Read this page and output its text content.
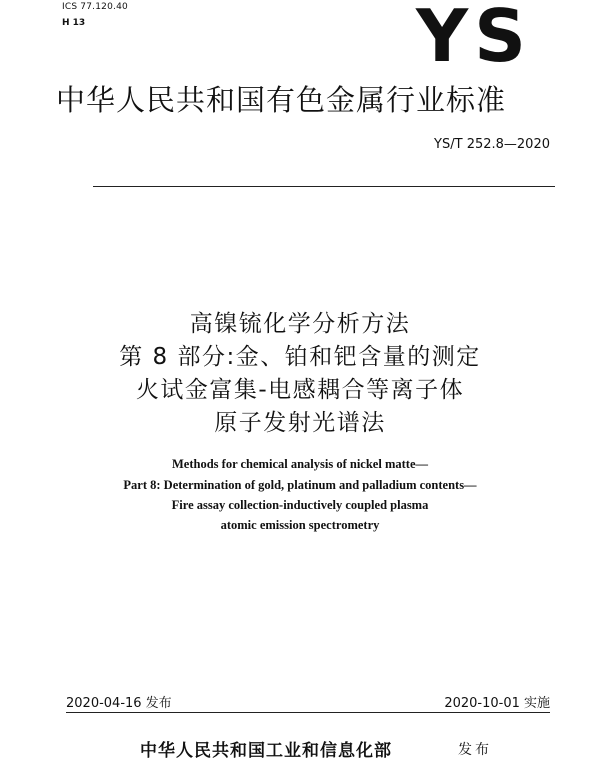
ICS 77.120.40
H 13	YS
中华人民共和国有色金属行业标准
YS/T 252.8—2020
高镍锍化学分析方法
第 8 部分:金、铂和钯含量的测定
火试金富集-电感耦合等离子体
原子发射光谱法
Methods for chemical analysis of nickel matte—
Part 8: Determination of gold, platinum and palladium contents—
Fire assay collection-inductively coupled plasma
atomic emission spectrometry
2020-04-16 发布	2020-10-01 实施
中华人民共和国工业和信息化部	发布
